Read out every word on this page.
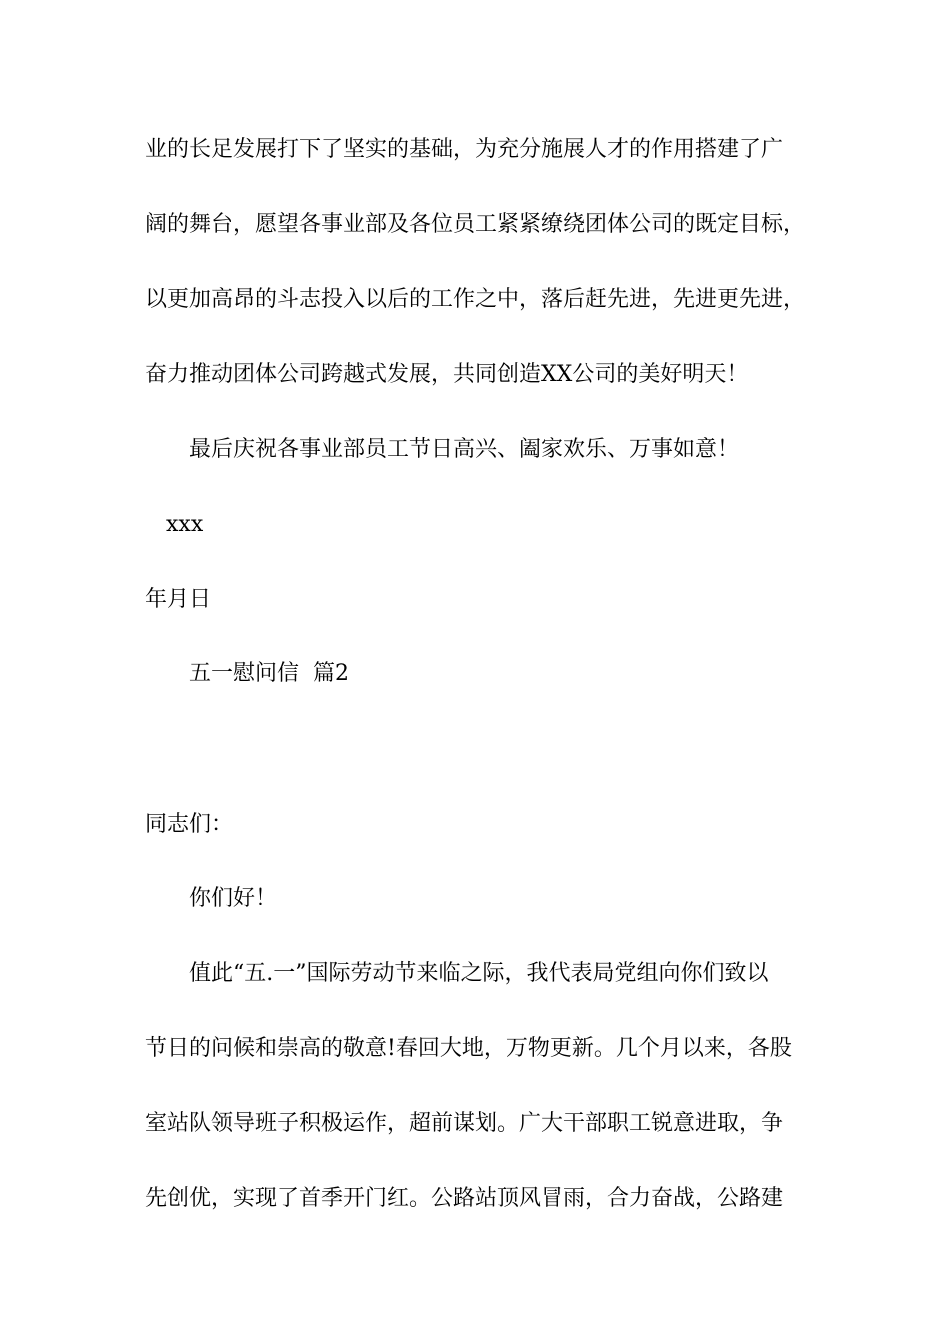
业的长足发展打下了坚实的基础，为充分施展人才的作用搭建了广
阔的舞台，愿望各事业部及各位员工紧紧缭绕团体公司的既定目标，
以更加高昂的斗志投入以后的工作之中，落后赶先进，先进更先进，
奋力推动团体公司跨越式发展，共同创造XX公司的美好明天！
最后庆祝各事业部员工节日高兴、阖家欢乐、万事如意！
xxx
年月日
五一慰问信  篇2
同志们：
你们好！
值此“五.一”国际劳动节来临之际，我代表局党组向你们致以
节日的问候和崇高的敬意!春回大地，万物更新。几个月以来，各股
室站队领导班子积极运作，超前谋划。广大干部职工锐意进取，争
先创优，实现了首季开门红。公路站顶风冒雨，合力奋战，公路建
